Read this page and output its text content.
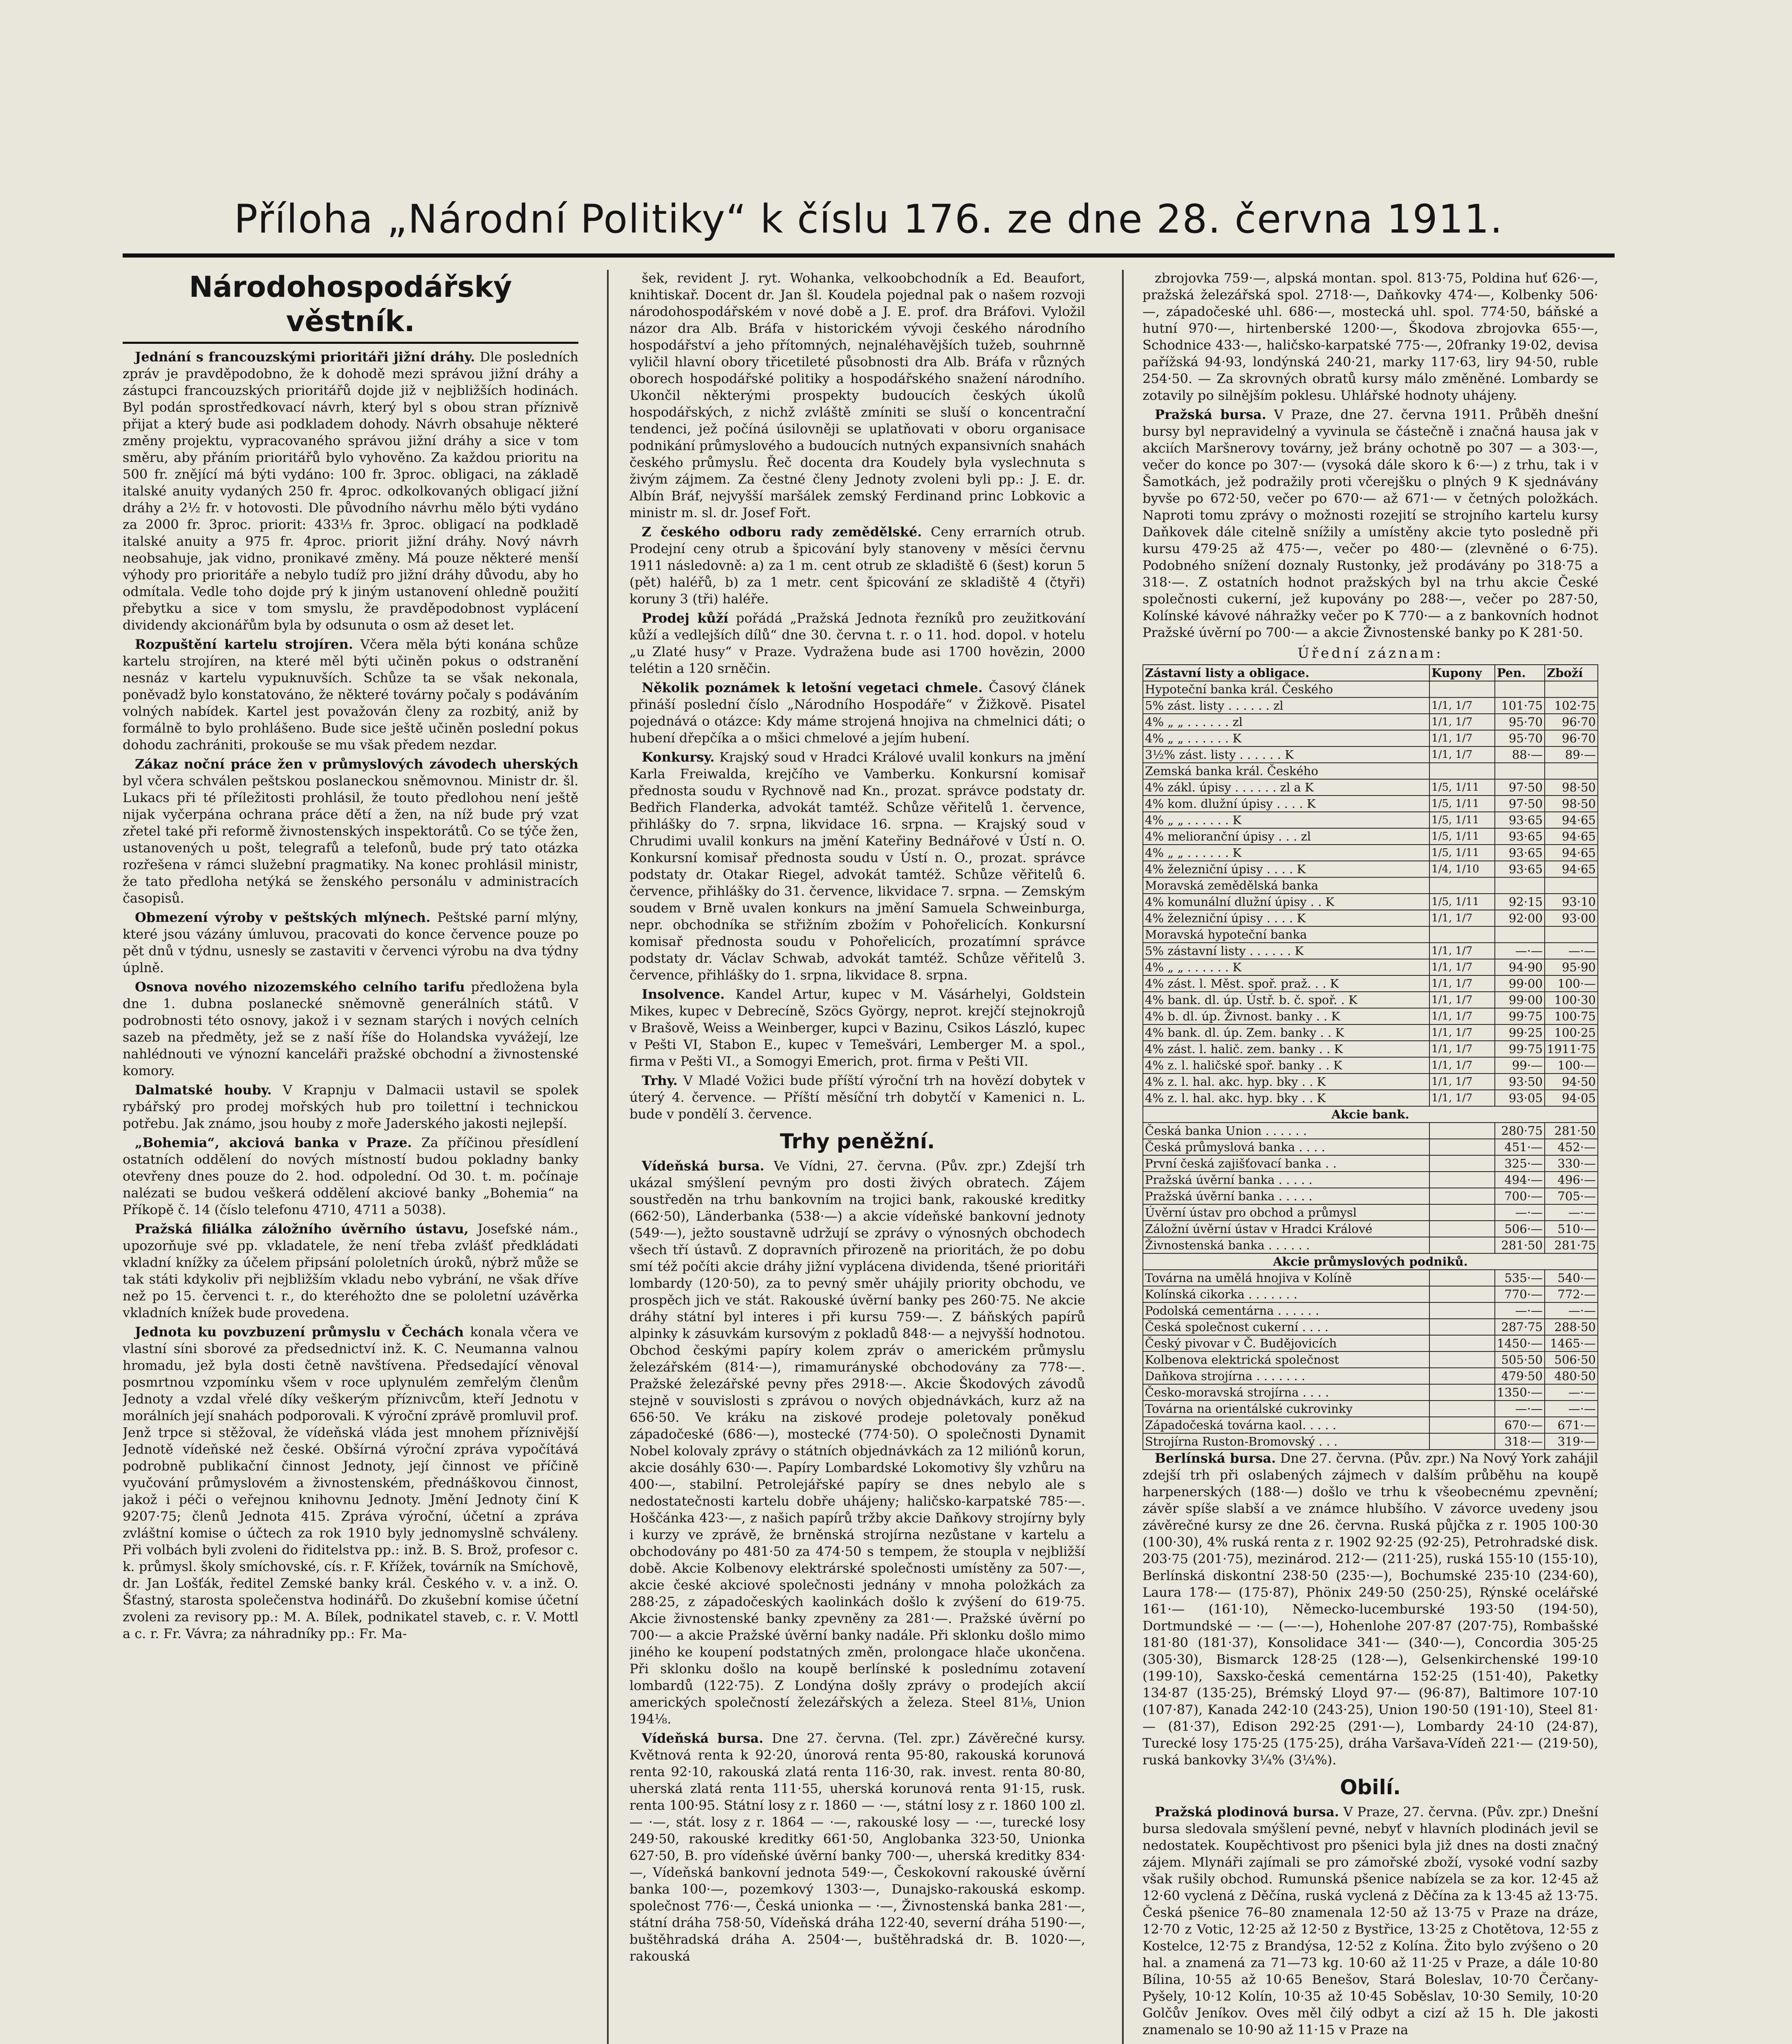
Příloha „Národní Politiky“ k číslu 176. ze dne 28. června 1911.
Národohospodářský věstník.

Jednání s francouzskými prioritáři jižní dráhy. Dle posledních zpráv je pravděpodobno, že k dohodě mezi správou jižní dráhy a zástupci francouzských prioritářů dojde již v nejbližších hodinách. Byl podán sprostředkovací návrh, který byl s obou stran příznivě přijat a který bude asi podkladem dohody. Návrh obsahuje některé změny projektu, vypracovaného správou jižní dráhy a sice v tom směru, aby přáním prioritářů bylo vyhověno. Za každou prioritu na 500 fr. znějící má býti vydáno: 100 fr. 3proc. obligaci, na základě italské anuity vydaných 250 fr. 4proc. odkolkovaných obligací jižní dráhy a 2½ fr. v hotovosti. Dle původního návrhu mělo býti vydáno za 2000 fr. 3proc. priorit: 433⅓ fr. 3proc. obligací na podkladě italské anuity a 975 fr. 4proc. priorit jižní dráhy. Nový návrh neobsahuje, jak vidno, pronikavé změny. Má pouze některé menší výhody pro prioritáře a nebylo tudíž pro jižní dráhy důvodu, aby ho odmítala. Vedle toho dojde prý k jiným ustanovení ohledně použití přebytku a sice v tom smyslu, že pravděpodobnost vyplácení dividendy akcionářům byla by odsunuta o osm až deset let.

Rozpuštění kartelu strojíren. Včera měla býti konána schůze kartelu strojíren, na které měl býti učiněn pokus o odstranění nesnáz v kartelu vypuknuvších. Schůze ta se však nekonala, poněvadž bylo konstatováno, že některé továrny počaly s podáváním volných nabídek. Kartel jest považován členy za rozbitý, aniž by formálně to bylo prohlášeno. Bude sice ještě učiněn poslední pokus dohodu zachrániti, prokouše se mu však předem nezdar.

Zákaz noční práce žen v průmyslových závodech uherských byl včera schválen peštskou poslaneckou sněmovnou. Ministr dr. šl. Lukacs při té příležitosti prohlásil, že touto předlohou není ještě nijak vyčerpána ochrana práce dětí a žen, na níž bude prý vzat zřetel také při reformě živnostenských inspektorátů. Co se týče žen, ustanovených u pošt, telegrafů a telefonů, bude prý tato otázka rozřešena v rámci služební pragmatiky. Na konec prohlásil ministr, že tato předloha netýká se ženského personálu v administracích časopisů.

Obmezení výroby v peštských mlýnech. Peštské parní mlýny, které jsou vázány úmluvou, pracovati do konce července pouze po pět dnů v týdnu, usnesly se zastaviti v červenci výrobu na dva týdny úplně.

Osnova nového nizozemského celního tarifu předložena byla dne 1. dubna poslanecké sněmovně generálních států. V podrobnosti této osnovy, jakož i v seznam starých i nových celních sazeb na předměty, jež se z naší říše do Holandska vyvážejí, lze nahlédnouti ve výnozní kanceláři pražské obchodní a živnostenské komory.

Dalmatské houby. V Krapnju v Dalmacii ustavil se spolek rybářský pro prodej mořských hub pro toilettní i technickou potřebu. Jak známo, jsou houby z moře Jaderského jakosti nejlepší.

„Bohemia“, akciová banka v Praze. Za příčinou přesídlení ostatních oddělení do nových místností budou pokladny banky otevřeny dnes pouze do 2. hod. odpolední. Od 30. t. m. počínaje nalézati se budou veškerá oddělení akciové banky „Bohemia“ na Příkopě č. 14 (číslo telefonu 4710, 4711 a 5038).

Pražská filiálka záložního úvěrního ústavu, Josefské nám., upozorňuje své pp. vkladatele, že není třeba zvlášť předkládati vkladní knížky za účelem připsání pololetních úroků, nýbrž může se tak státi kdykoliv při nejbližším vkladu nebo vybrání, ne však dříve než po 15. červenci t. r., do kteréhožto dne se pololetní uzávěrka vkladních knížek bude provedena.

Jednota ku povzbuzení průmyslu v Čechách konala včera ve vlastní síni sborové za předsednictví inž. K. C. Neumanna valnou hromadu, jež byla dosti četně navštívena. Předsedající věnoval posmrtnou vzpomínku všem v roce uplynulém zemřelým členům Jednoty a vzdal vřelé díky veškerým příznivcům, kteří Jednotu v morálních její snahách podporovali. K výroční zprávě promluvil prof. Jenž trpce si stěžoval, že vídeňská vláda jest mnohem příznivější Jednotě vídeňské než české. Obšírná výroční zpráva vypočítává podrobně publikační činnost Jednoty, její činnost ve příčině vyučování průmyslovém a živnostenském, přednáškovou činnost, jakož i péči o veřejnou knihovnu Jednoty. Jmění Jednoty činí K 9207·75; členů Jednota 415. Zpráva výroční, účetní a zpráva zvláštní komise o účtech za rok 1910 byly jednomyslně schváleny. Při volbách byli zvoleni do řiditelstva pp.: inž. B. S. Brož, profesor c. k. průmysl. školy smíchovské, cís. r. F. Křížek, továrník na Smíchově, dr. Jan Lošťák, ředitel Zemské banky král. Českého v. v. a inž. O. Šťastný, starosta společenstva hodinářů. Do zkušební komise účetní zvoleni za revisory pp.: M. A. Bílek, podnikatel staveb, c. r. V. Mottl a c. r. Fr. Vávra; za náhradníky pp.: Fr. Ma-

šek, revident J. ryt. Wohanka, velkoobchodník a Ed. Beaufort, knihtiskař. Docent dr. Jan šl. Koudela pojednal pak o našem rozvoji národohospodářském v nové době a J. E. prof. dra Bráfovi. Vyložil názor dra Alb. Bráfa v historickém vývoji českého národního hospodářství a jeho přítomných, nejnaléhavějších tužeb, souhrnně vyličil hlavní obory třicetileté působnosti dra Alb. Bráfa v různých oborech hospodářské politiky a hospodářského snažení národního. Ukončil některými prospekty budoucích českých úkolů hospodářských, z nichž zvláště zmíniti se sluší o koncentrační tendenci, jež počíná úsilovněji se uplatňovati v oboru organisace podnikání průmyslového a budoucích nutných expansivních snahách českého průmyslu. Řeč docenta dra Koudely byla vyslechnuta s živým zájmem. Za čestné členy Jednoty zvoleni byli pp.: J. E. dr. Albín Bráf, nejvyšší maršálek zemský Ferdinand princ Lobkovic a ministr m. sl. dr. Josef Fořt.

Z českého odboru rady zemědělské. Ceny errarních otrub. Prodejní ceny otrub a špicování byly stanoveny v měsíci červnu 1911 následovně: a) za 1 m. cent otrub ze skladiště 6 (šest) korun 5 (pět) haléřů, b) za 1 metr. cent špicování ze skladiště 4 (čtyři) koruny 3 (tři) haléře.

Prodej kůží pořádá „Pražská Jednota řezníků pro zeužitkování kůží a vedlejších dílů“ dne 30. června t. r. o 11. hod. dopol. v hotelu „u Zlaté husy“ v Praze. Vydražena bude asi 1700 hovězin, 2000 telétin a 120 srněčin.

Několik poznámek k letošní vegetaci chmele. Časový článek přináší poslední číslo „Národního Hospodáře“ v Žižkově. Pisatel pojednává o otázce: Kdy máme strojená hnojiva na chmelnici dáti; o hubení dřepčíka a o mšici chmelové a jejím hubení.

Konkursy. Krajský soud v Hradci Králové uvalil konkurs na jmění Karla Freiwalda, krejčího ve Vamberku. Konkursní komisař přednosta soudu v Rychnově nad Kn., prozat. správce podstaty dr. Bedřich Flanderka, advokát tamtéž. Schůze věřitelů 1. července, přihlášky do 7. srpna, likvidace 16. srpna. — Krajský soud v Chrudimi uvalil konkurs na jmění Kateřiny Bednářové v Ústí n. O. Konkursní komisař přednosta soudu v Ústí n. O., prozat. správce podstaty dr. Otakar Riegel, advokát tamtéž. Schůze věřitelů 6. července, přihlášky do 31. července, likvidace 7. srpna. — Zemským soudem v Brně uvalen konkurs na jmění Samuela Schweinburga, nepr. obchodníka se střižním zbožím v Pohořelicích. Konkursní komisař přednosta soudu v Pohořelicích, prozatímní správce podstaty dr. Václav Schwab, advokát tamtéž. Schůze věřitelů 3. července, přihlášky do 1. srpna, likvidace 8. srpna.

Insolvence. Kandel Artur, kupec v M. Vásárhelyi, Goldstein Mikes, kupec v Debrecíně, Szöcs György, neprot. krejčí stejnokrojů v Brašově, Weiss a Weinberger, kupci v Bazinu, Csikos László, kupec v Pešti VI, Stabon E., kupec v Temešvári, Lemberger M. a spol., firma v Pešti VI., a Somogyi Emerich, prot. firma v Pešti VII.

Trhy. V Mladé Vožici bude příští výroční trh na hovězí dobytek v úterý 4. července. — Příští měsíční trh dobytčí v Kamenici n. L. bude v pondělí 3. července.

Trhy peněžní.

Vídeňská bursa. Ve Vídni, 27. června. (Pův. zpr.) Zdejší trh ukázal smýšlení pevným pro dosti živých obratech. Zájem soustředěn na trhu bankovním na trojici bank, rakouské kreditky (662·50), Länderbanka (538·—) a akcie vídeňské bankovní jednoty (549·—), ježto soustavně udržují se zprávy o výnosných obchodech všech tří ústavů. Z dopravních přirozeně na prioritách, že po dobu smí též počíti akcie dráhy jižní vyplácena dividenda, tšené prioritáři lombardy (120·50), za to pevný směr uhájily priority obchodu, ve prospěch jich ve stát. Rakouské úvěrní banky pes 260·75. Ne akcie dráhy státní byl interes i při kursu 759·—. Z báňských papírů alpinky k zásuvkám kursovým z pokladů 848·— a nejvyšší hodnotou. Obchod českými papíry kolem zpráv o americkém průmyslu železářském (814·—), rimamurányské obchodovány za 778·—. Pražské železářské pevny přes 2918·—. Akcie Škodových závodů stejně v souvislosti s zprávou o nových objednávkách, kurz až na 656·50. Ve kráku na ziskové prodeje poletovaly poněkud západočeské (686·—), mostecké (774·50). O společnosti Dynamit Nobel kolovaly zprávy o státních objednávkách za 12 miliónů korun, akcie dosáhly 630·—. Papíry Lombardské Lokomotivy šly vzhůru na 400·—, stabilní. Petrolejářské papíry se dnes nebylo ale s nedostatečnosti kartelu dobře uhájeny; haličsko-karpatské 785·—. Hoščánka 423·—, z našich papírů tržby akcie Daňkovy strojírny byly i kurzy ve zprávě, že brněnská strojírna nezůstane v kartelu a obchodovány po 481·50 za 474·50 s tempem, že stoupla v nejbližší době. Akcie Kolbenovy elektrárské společnosti umístěny za 507·—, akcie české akciové společnosti jednány v mnoha položkách za 288·25, z západočeských kaolinkách došlo k zvýšení do 619·75. Akcie živnostenské banky zpevněny za 281·—. Pražské úvěrní po 700·— a akcie Pražské úvěrní banky nadále. Při sklonku došlo mimo jiného ke koupení podstatných změn, prolongace hlače ukončena. Při sklonku došlo na koupě berlínské k poslednímu zotavení lombardů (122·75). Z Londýna došly zprávy o prodejích akcií amerických společností železářských a železa. Steel 81⅛, Union 194⅛.

Vídeňská bursa. Dne 27. června. (Tel. zpr.) Závěrečné kursy. Květnová renta k 92·20, únorová renta 95·80, rakouská korunová renta 92·10, rakouská zlatá renta 116·30, rak. invest. renta 80·80, uherská zlatá renta 111·55, uherská korunová renta 91·15, rusk. renta 100·95. Státní losy z r. 1860 — ·—, státní losy z r. 1860 100 zl. — ·—, stát. losy z r. 1864 — ·—, rakouské losy — ·—, turecké losy 249·50, rakouské kreditky 661·50, Anglobanka 323·50, Unionka 627·50, B. pro vídeňské úvěrní banky 700·—, uherská kreditky 834·—, Vídeňská bankovní jednota 549·—, Českokovní rakouské úvěrní banka 100·—, pozemkový 1303·—, Dunajsko-rakouská eskomp. společnost 776·—, Česká unionka — ·—, Živnostenská banka 281·—, státní dráha 758·50, Vídeňská dráha 122·40, severní dráha 5190·—, buštěhradská dráha A. 2504·—, buštěhradská dr. B. 1020·—, rakouská

zbrojovka 759·—, alpská montan. spol. 813·75, Poldina huť 626·—, pražská železářská spol. 2718·—, Daňkovky 474·—, Kolbenky 506·—, západočeské uhl. 686·—, mostecká uhl. spol. 774·50, báňské a hutní 970·—, hirtenberské 1200·—, Škodova zbrojovka 655·—, Schodnice 433·—, haličsko-karpatské 775·—, 20franky 19·02, devisa pařížská 94·93, londýnská 240·21, marky 117·63, liry 94·50, ruble 254·50. — Za skrovných obratů kursy málo změněné. Lombardy se zotavily po silnějším poklesu. Uhlářské hodnoty uhájeny.

Pražská bursa. V Praze, dne 27. června 1911. Průběh dnešní bursy byl nepravidelný a vyvinula se částečně i značná hausa jak v akciích Maršnerovy továrny, jež brány ochotně po 307 — a 303·—, večer do konce po 307·— (vysoká dále skoro k 6·—) z trhu, tak i v Šamotkách, jež podražily proti včerejšku o plných 9 K sjednávány byvše po 672·50, večer po 670·— až 671·— v četných položkách. Naproti tomu zprávy o možnosti rozejití se strojního kartelu kursy Daňkovek dále citelně snížily a umístěny akcie tyto posledně při kursu 479·25 až 475·—, večer po 480·— (zlevněné o 6·75). Podobného snížení doznaly Rustonky, jež prodávány po 318·75 a 318·—. Z ostatních hodnot pražských byl na trhu akcie České společnosti cukerní, jež kupovány po 288·—, večer po 287·50, Kolínské kávové náhražky večer po K 770·— a z bankovních hodnot Pražské úvěrní po 700·— a akcie Živnostenské banky po K 281·50.

Úřední záznam:
Zástavní listy a obligace.	Kupony	Pen.	Zboží
Hypoteční banka král. Českého			
5% zást. listy . . . . . . zl	1/1, 1/7	101·75	102·75
4% „ „ . . . . . . zl	1/1, 1/7	95·70	96·70
4% „ „ . . . . . . K	1/1, 1/7	95·70	96·70
3½% zást. listy . . . . . . K	1/1, 1/7	88·—	89·—
Zemská banka král. Českého			
4% zákl. úpisy . . . . . . zl a K	1/5, 1/11	97·50	98·50
4% kom. dlužní úpisy . . . . K	1/5, 1/11	97·50	98·50
4% „ „ . . . . . . K	1/5, 1/11	93·65	94·65
4% melioranční úpisy . . . zl	1/5, 1/11	93·65	94·65
4% „ „ . . . . . . K	1/5, 1/11	93·65	94·65
4% železniční úpisy . . . . K	1/4, 1/10	93·65	94·65
Moravská zemědělská banka			
4% komunální dlužní úpisy . . K	1/5, 1/11	92·15	93·10
4% železniční úpisy . . . . K	1/1, 1/7	92·00	93·00
Moravská hypoteční banka			
5% zástavní listy . . . . . . K	1/1, 1/7	—·—	—·—
4% „ „ . . . . . . K	1/1, 1/7	94·90	95·90
4% zást. l. Měst. spoř. praž. . . K	1/1, 1/7	99·00	100·—
4% bank. dl. úp. Ústř. b. č. spoř. . K	1/1, 1/7	99·00	100·30
4% b. dl. úp. Živnost. banky . . K	1/1, 1/7	99·75	100·75
4% bank. dl. úp. Zem. banky . . K	1/1, 1/7	99·25	100·25
4% zást. l. halič. zem. banky . . K	1/1, 1/7	99·75	1911·75
4% z. l. haličské spoř. banky . . K	1/1, 1/7	99·—	100·—
4% z. l. hal. akc. hyp. bky . . K	1/1, 1/7	93·50	94·50
4% z. l. hal. akc. hyp. bky . . K	1/1, 1/7	93·05	94·05
Akcie bank.			
Česká banka Union . . . . . .		280·75	281·50
Česká průmyslová banka . . . .		451·—	452·—
První česká zajišťovací banka . .		325·—	330·—
Pražská úvěrní banka . . . . .		494·—	496·—
Pražská úvěrní banka . . . . .		700·—	705·—
Úvěrní ústav pro obchod a průmysl		—·—	—·—
Záložní úvěrní ústav v Hradci Králové		506·—	510·—
Živnostenská banka . . . . . .		281·50	281·75
Akcie průmyslových podniků.			
Továrna na umělá hnojiva v Kolíně		535·—	540·—
Kolínská cikorka . . . . . . .		770·—	772·—
Podolská cementárna . . . . . .		—·—	—·—
Česká společnost cukerní . . . .		287·75	288·50
Český pivovar v Č. Budějovicích		1450·—	1465·—
Kolbenova elektrická společnost		505·50	506·50
Daňkova strojírna . . . . . . .		479·50	480·50
Česko-moravská strojírna . . . .		1350·—	—·—
Továrna na orientálské cukrovinky		—·—	—·—
Západočeská továrna kaol. . . . .		670·—	671·—
Strojírna Ruston-Bromovský . . .		318·—	319·—

Berlínská bursa. Dne 27. června. (Pův. zpr.) Na Nový York zahájil zdejší trh při oslabených zájmech v dalším průběhu na koupě harpenerských (188·—) došlo ve trhu k všeobecnému zpevnění; závěr spíše slabší a ve známce hlubšího. V závorce uvedeny jsou závěrečné kursy ze dne 26. června. Ruská půjčka z r. 1905 100·30 (100·30), 4% ruská renta z r. 1902 92·25 (92·25), Petrohradské disk. 203·75 (201·75), mezinárod. 212·— (211·25), ruská 155·10 (155·10), Berlínská diskontní 238·50 (235·—), Bochumské 235·10 (234·60), Laura 178·— (175·87), Phönix 249·50 (250·25), Rýnské ocelářské 161·— (161·10), Německo-lucemburské 193·50 (194·50), Dortmundské — ·— (—·—), Hohenlohe 207·87 (207·75), Rombašské 181·80 (181·37), Konsolidace 341·— (340·—), Concordia 305·25 (305·30), Bismarck 128·25 (128·—), Gelsenkirchenské 199·10 (199·10), Saxsko-česká cementárna 152·25 (151·40), Paketky 134·87 (135·25), Brémský Lloyd 97·— (96·87), Baltimore 107·10 (107·87), Kanada 242·10 (243·25), Union 190·50 (191·10), Steel 81·— (81·37), Edison 292·25 (291·—), Lombardy 24·10 (24·87), Turecké losy 175·25 (175·25), dráha Varšava-Vídeň 221·— (219·50), ruská bankovky 3¼% (3¼%).

Obilí.

Pražská plodinová bursa. V Praze, 27. června. (Pův. zpr.) Dnešní bursa sledovala smýšlení pevné, nebyť v hlavních plodinách jevil se nedostatek. Koupěchtivost pro pšenici byla již dnes na dosti značný zájem. Mlynáři zajímali se pro zámořské zboží, vysoké vodní sazby však rušily obchod. Rumunská pšenice nabízela se za kor. 12·45 až 12·60 vyclená z Děčína, ruská vyclená z Děčína za k 13·45 až 13·75. Česká pšenice 76–80 znamenala 12·50 až 13·75 v Praze na dráze, 12·70 z Votic, 12·25 až 12·50 z Bystřice, 13·25 z Chotětova, 12·55 z Kostelce, 12·75 z Brandýsa, 12·52 z Kolína. Žito bylo zvýšeno o 20 hal. a znamená za 71—73 kg. 10·60 až 11·25 v Praze, a dále 10·80 Bílina, 10·55 až 10·65 Benešov, Stará Boleslav, 10·70 Čerčany-Pyšely, 10·12 Kolín, 10·35 až 10·45 Soběslav, 10·30 Semily, 10·20 Golčův Jeníkov. Oves měl čilý odbyt a cizí až 15 h. Dle jakosti znamenalo se 10·90 až 11·15 v Praze na
